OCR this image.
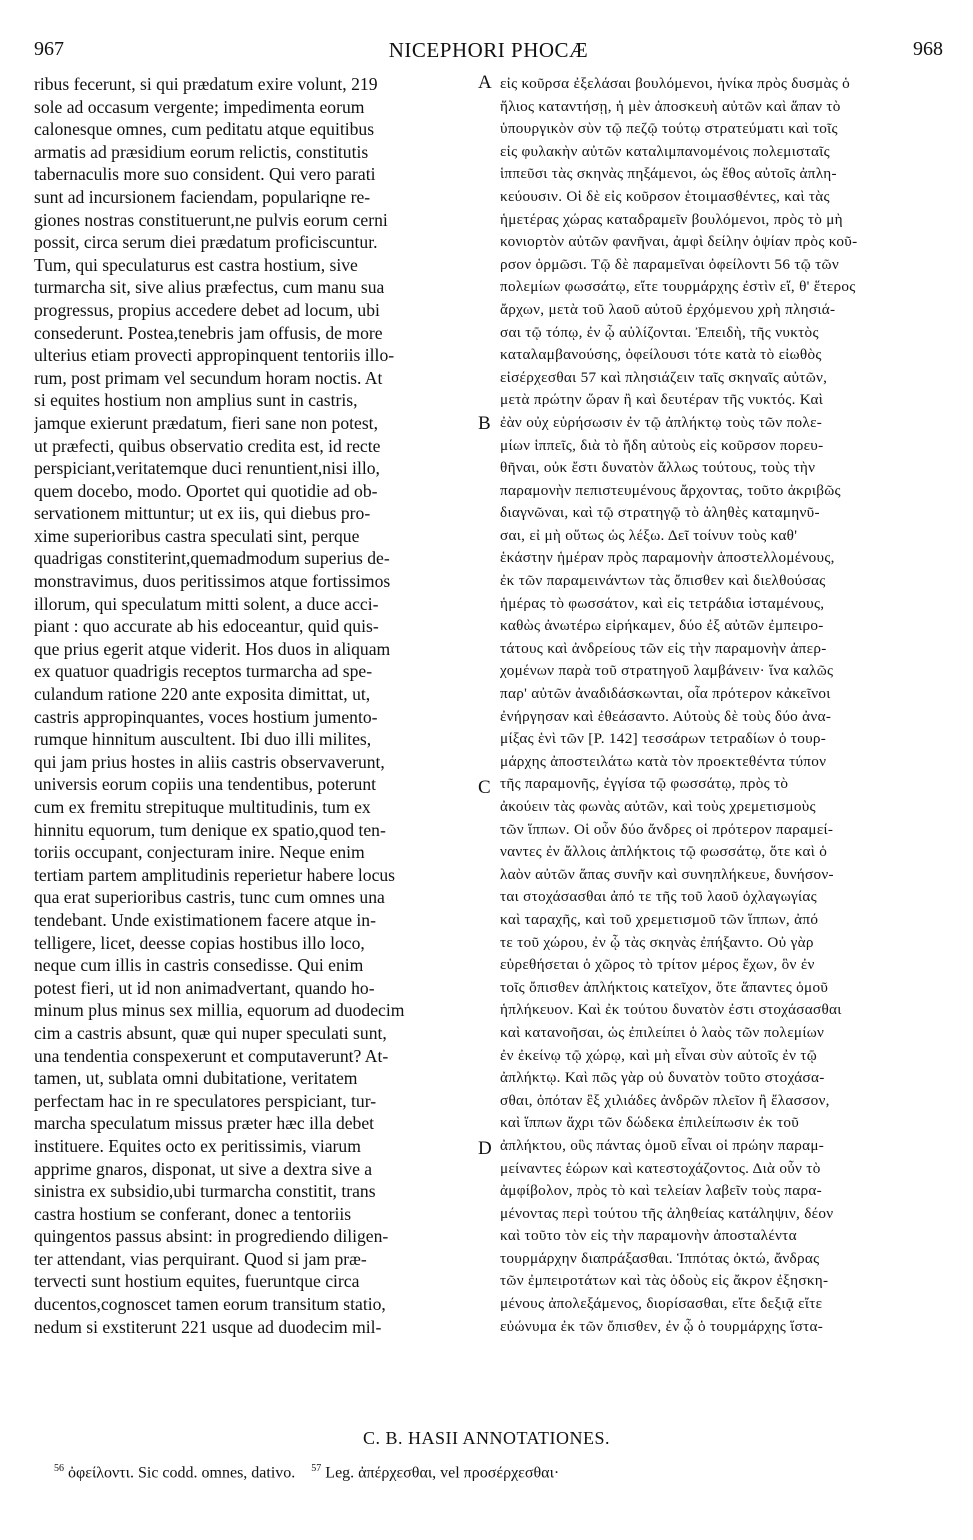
967	NICEPHORI PHOCÆ	968
ribus fecerunt, si qui prædatum exire volunt, 219
sole ad occasum vergente; impedimenta eorum
calonesque omnes, cum peditatu atque equitibus
armatis ad præsidium eorum relictis, constitutis
tabernaculis more suo consident. Qui vero parati
sunt ad incursionem faciendam, populariqne re-
giones nostras constituerunt,ne pulvis eorum cerni
possit, circa serum diei prædatum proficiscuntur.
Tum, qui speculaturus est castra hostium, sive
turmarcha sit, sive alius præfectus, cum manu sua
progressus, propius accedere debet ad locum, ubi
consederunt. Postea,tenebris jam offusis, de more
ulterius etiam provecti appropinquent tentoriis illo-
rum, post primam vel secundum horam noctis. At
si equites hostium non amplius sunt in castris,
jamque exierunt prædatum, fieri sane non potest,
ut præfecti, quibus observatio credita est, id recte
perspiciant,veritatemque duci renuntient,nisi illo,
quem docebo, modo. Oportet qui quotidie ad ob-
servationem mittuntur; ut ex iis, qui diebus pro-
xime superioribus castra speculati sint, perque
quadrigas constiterint,quemadmodum superius de-
monstravimus, duos peritissimos atque fortissimos
illorum, qui speculatum mitti solent, a duce acci-
piant : quo accurate ab his edoceantur, quid quis-
que prius egerit atque viderit. Hos duos in aliquam
ex quatuor quadrigis receptos turmarcha ad spe-
culandum ratione 220 ante exposita dimittat, ut,
castris appropinquantes, voces hostium jumento-
rumque hinnitum auscultent. Ibi duo illi milites,
qui jam prius hostes in aliis castris observaverunt,
universis eorum copiis una tendentibus, poterunt
cum ex fremitu strepituque multitudinis, tum ex
hinnitu equorum, tum denique ex spatio,quod ten-
toriis occupant, conjecturam inire. Neque enim
tertiam partem amplitudinis reperietur habere locus
qua erat superioribus castris, tunc cum omnes una
tendebant. Unde existimationem facere atque in-
telligere, licet, deesse copias hostibus illo loco,
neque cum illis in castris consedisse. Qui enim
potest fieri, ut id non animadvertant, quando ho-
minum plus minus sex millia, equorum ad duodecim
cim a castris absunt, quæ qui nuper speculati sunt,
una tendentia conspexerunt et computaverunt? At-
tamen, ut, sublata omni dubitatione, veritatem
perfectam hac in re speculatores perspiciant, tur-
marcha speculatum missus præter hæc illa debet
instituere. Equites octo ex peritissimis, viarum
apprime gnaros, disponat, ut sive a dextra sive a
sinistra ex subsidio,ubi turmarcha constitit, trans
castra hostium se conferant, donec a tentoriis
quingentos passus absint: in progrediendo diligen-
ter attendant, vias perquirant. Quod si jam præ-
tervecti sunt hostium equites, fueruntque circa
ducentos,cognoscet tamen eorum transitum statio,
nedum si exstiterunt 221 usque ad duodecim mil-
εἰς κοῦρσα ἐξελάσαι βουλόμενοι, ἡνίκα πρὸς δυσμὰς ὁ
ἥλιος καταντήσῃ, ἡ μὲν ἀποσκευὴ αὐτῶν καὶ ἅπαν τὸ
ὑπουργικὸν σὺν τῷ πεζῷ τούτῳ στρατεύματι καὶ τοῖς
εἰς φυλακὴν αὐτῶν καταλιμπανομένοις πολεμισταῖς
ἱππεῦσι τὰς σκηνὰς πηξάμενοι, ὡς ἔθος αὐτοῖς ἀπλη-
κεύουσιν. Οἱ δὲ εἰς κοῦρσον ἑτοιμασθέντες, καὶ τὰς
ἡμετέρας χώρας καταδραμεῖν βουλόμενοι, πρὸς τὸ μὴ
κονιορτὸν αὐτῶν φανῆναι, ἀμφὶ δείλην ὀψίαν πρὸς κοῦ-
ρσον ὁρμῶσι. Τῷ δὲ παραμεῖναι ὀφείλοντι 56 τῷ τῶν
πολεμίων φωσσάτῳ, εἴτε τουρμάρχης ἐστὶν εἴ, θ' ἕτερος
ἄρχων, μετὰ τοῦ λαοῦ αὐτοῦ ἐρχόμενου χρὴ πλησιά-
σαι τῷ τόπῳ, ἐν ᾧ αὐλίζονται. Ἐπειδὴ, τῆς νυκτὸς
καταλαμβανούσης, ὀφείλουσι τότε κατὰ τὸ εἰωθὸς
εἰσέρχεσθαι 57 καὶ πλησιάζειν ταῖς σκηναῖς αὐτῶν,
μετὰ πρώτην ὥραν ἢ καὶ δευτέραν τῆς νυκτός. Καὶ
ἐὰν οὐχ εὑρήσωσιν ἐν τῷ ἀπλήκτῳ τοὺς τῶν πολε-
μίων ἱππεῖς, διὰ τὸ ἤδη αὐτοὺς εἰς κοῦρσον πορευ-
θῆναι, οὐκ ἔστι δυνατὸν ἄλλως τούτους, τοὺς τὴν
παραμονὴν πεπιστευμένους ἄρχοντας, τοῦτο ἀκριβῶς
διαγνῶναι, καὶ τῷ στρατηγῷ τὸ ἀληθὲς καταμηνῦ-
σαι, εἰ μὴ οὕτως ὡς λέξω. Δεῖ τοίνυν τοὺς καθ'
ἑκάστην ἡμέραν πρὸς παραμονὴν ἀποστελλομένους,
ἐκ τῶν παραμεινάντων τὰς ὄπισθεν καὶ διελθούσας
ἡμέρας τὸ φωσσάτον, καὶ εἰς τετράδια ἱσταμένους,
καθὼς ἀνωτέρω εἰρήκαμεν, δύο ἐξ αὐτῶν ἐμπειρο-
τάτους καὶ ἀνδρείους τῶν εἰς τὴν παραμονὴν ἀπερ-
χομένων παρὰ τοῦ στρατηγοῦ λαμβάνειν· ἵνα καλῶς
παρ' αὐτῶν ἀναδιδάσκωνται, οἷα πρότερον κἀκεῖνοι
ἐνήργησαν καὶ ἐθεάσαντο. Αὐτοὺς δὲ τοὺς δύο ἀνα-
μίξας ἑνὶ τῶν [P. 142] τεσσάρων τετραδίων ὁ τουρ-
μάρχης ἀποστειλάτω κατὰ τὸν προεκτεθέντα τύπον
τῆς παραμονῆς, ἐγγίσα τῷ φωσσάτῳ, πρὸς τὸ
ἀκούειν τὰς φωνὰς αὐτῶν, καὶ τοὺς χρεμετισμοὺς
τῶν ἵππων. Οἱ οὖν δύο ἄνδρες οἱ πρότερον παραμεί-
ναντες ἐν ἄλλοις ἀπλήκτοις τῷ φωσσάτῳ, ὅτε καὶ ὁ
λαὸν αὐτῶν ἅπας συνῆν καὶ συνηπλήκευε, δυνήσον-
ται στοχάσασθαι ἀπό τε τῆς τοῦ λαοῦ ὀχλαγωγίας
καὶ ταραχῆς, καὶ τοῦ χρεμετισμοῦ τῶν ἵππων, ἀπό
τε τοῦ χώρου, ἐν ᾧ τὰς σκηνὰς ἐπήξαντο. Οὐ γὰρ
εὑρεθήσεται ὁ χῶρος τὸ τρίτον μέρος ἔχων, ὃν ἐν
τοῖς ὄπισθεν ἀπλήκτοις κατεῖχον, ὅτε ἅπαντες ὁμοῦ
ἡπλήκευον. Καὶ ἐκ τούτου δυνατὸν ἐστι στοχάσασθαι
καὶ κατανοῆσαι, ὡς ἐπιλείπει ὁ λαὸς τῶν πολεμίων
ἐν ἐκείνῳ τῷ χώρῳ, καὶ μὴ εἶναι σὺν αὐτοῖς ἐν τῷ
ἀπλήκτῳ. Καὶ πῶς γὰρ οὐ δυνατὸν τοῦτο στοχάσα-
σθαι, ὁπόταν ἓξ χιλιάδες ἀνδρῶν πλεῖον ἢ ἔλασσον,
καὶ ἵππων ἄχρι τῶν δώδεκα ἐπιλείπωσιν ἐκ τοῦ
ἀπλήκτου, οὓς πάντας ὁμοῦ εἶναι οἱ πρώην παραμ-
μείναντες ἑώρων καὶ κατεστοχάζοντος. Διὰ οὖν τὸ
ἀμφίβολον, πρὸς τὸ καὶ τελείαν λαβεῖν τοὺς παρα-
μένοντας περὶ τούτου τῆς ἀληθείας κατάληψιν, δέον
καὶ τοῦτο τὸν εἰς τὴν παραμονὴν ἀποσταλέντα
τουρμάρχην διαπράξασθαι. Ἱππότας ὀκτώ, ἄνδρας
τῶν ἐμπειροτάτων καὶ τὰς ὁδοὺς εἰς ἄκρον ἐξησκη-
μένους ἀπολεξάμενος, διορίσασθαι, εἴτε δεξιᾷ εἴτε
εὐώνυμα ἐκ τῶν ὄπισθεν, ἐν ᾧ ὁ τουρμάρχης ἵστα-
A
B
C
D
C. B. HASII ANNOTATIONES.
$^{56}$ ὀφείλοντι. Sic codd. omnes, dativo. $^{57}$ Leg. ἀπέρχεσθαι, vel προσέρχεσθαι·
